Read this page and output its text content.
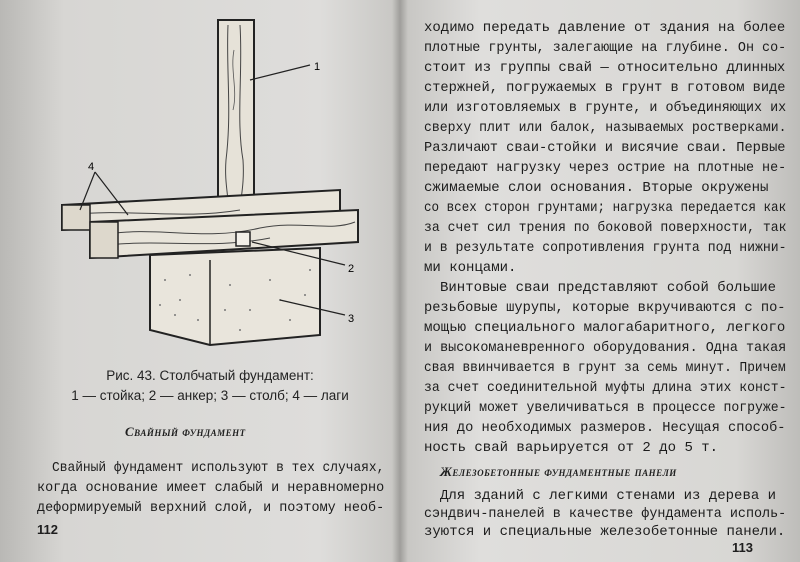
1
4
2
3
Рис. 43. Столбчатый фундамент:
1 — стойка; 2 — анкер; 3 — столб; 4 — лаги
Свайный фундамент
Свайный фундамент используют в тех случаях,
когда основание имеет слабый и неравномерно
деформируемый верхний слой, и поэтому необ-
112
ходимо передать давление от здания на более
плотные грунты, залегающие на глубине. Он со-
стоит из группы свай — относительно длинных
стержней, погружаемых в грунт в готовом виде
или изготовляемых в грунте, и объединяющих их
сверху плит или балок, называемых ростверками.
Различают сваи-стойки и висячие сваи. Первые
передают нагрузку через острие на плотные не-
сжимаемые слои основания. Вторые окружены
со всех сторон грунтами; нагрузка передается как
за счет сил трения по боковой поверхности, так
и в результате сопротивления грунта под нижни-
ми концами.
Винтовые сваи представляют собой большие
резьбовые шурупы, которые вкручиваются с по-
мощью специального малогабаритного, легкого
и высокоманевренного оборудования. Одна такая
свая ввинчивается в грунт за семь минут. Причем
за счет соединительной муфты длина этих конст-
рукций может увеличиваться в процессе погруже-
ния до необходимых размеров. Несущая способ-
ность свай варьируется от 2 до 5 т.
Железобетонные фундаментные панели
Для зданий с легкими стенами из дерева и
сэндвич-панелей в качестве фундамента исполь-
зуются и специальные железобетонные панели.
113
